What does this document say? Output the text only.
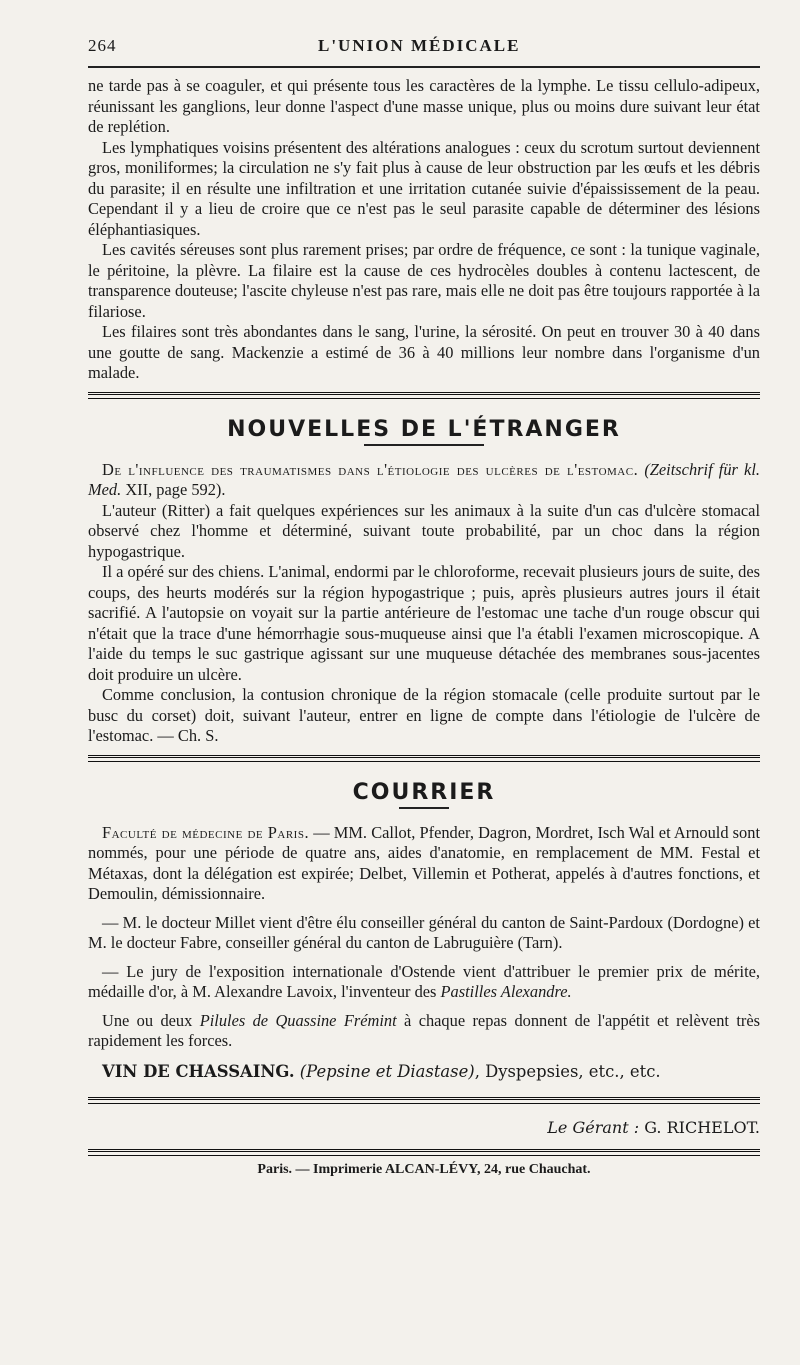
264	L'UNION MÉDICALE

ne tarde pas à se coaguler, et qui présente tous les caractères de la lymphe. Le tissu cellulo-adipeux, réunissant les ganglions, leur donne l'aspect d'une masse unique, plus ou moins dure suivant leur état de replétion.

Les lymphatiques voisins présentent des altérations analogues : ceux du scrotum surtout deviennent gros, moniliformes; la circulation ne s'y fait plus à cause de leur obstruction par les œufs et les débris du parasite; il en résulte une infiltration et une irritation cutanée suivie d'épaississement de la peau. Cependant il y a lieu de croire que ce n'est pas le seul parasite capable de déterminer des lésions éléphantiasiques.

Les cavités séreuses sont plus rarement prises; par ordre de fréquence, ce sont : la tunique vaginale, le péritoine, la plèvre. La filaire est la cause de ces hydrocèles doubles à contenu lactescent, de transparence douteuse; l'ascite chyleuse n'est pas rare, mais elle ne doit pas être toujours rapportée à la filariose.

Les filaires sont très abondantes dans le sang, l'urine, la sérosité. On peut en trouver 30 à 40 dans une goutte de sang. Mackenzie a estimé de 36 à 40 millions leur nombre dans l'organisme d'un malade.

NOUVELLES DE L'ÉTRANGER

De l'influence des traumatismes dans l'étiologie des ulcères de l'estomac. (Zeitschrif für kl. Med. XII, page 592).

L'auteur (Ritter) a fait quelques expériences sur les animaux à la suite d'un cas d'ulcère stomacal observé chez l'homme et déterminé, suivant toute probabilité, par un choc dans la région hypogastrique.

Il a opéré sur des chiens. L'animal, endormi par le chloroforme, recevait plusieurs jours de suite, des coups, des heurts modérés sur la région hypogastrique ; puis, après plusieurs autres jours il était sacrifié. A l'autopsie on voyait sur la partie antérieure de l'estomac une tache d'un rouge obscur qui n'était que la trace d'une hémorrhagie sous-muqueuse ainsi que l'a établi l'examen microscopique. A l'aide du temps le suc gastrique agissant sur une muqueuse détachée des membranes sous-jacentes doit produire un ulcère.

Comme conclusion, la contusion chronique de la région stomacale (celle produite surtout par le busc du corset) doit, suivant l'auteur, entrer en ligne de compte dans l'étiologie de l'ulcère de l'estomac. — Ch. S.

COURRIER

Faculté de médecine de Paris. — MM. Callot, Pfender, Dagron, Mordret, Isch Wal et Arnould sont nommés, pour une période de quatre ans, aides d'anatomie, en remplacement de MM. Festal et Métaxas, dont la délégation est expirée; Delbet, Villemin et Potherat, appelés à d'autres fonctions, et Demoulin, démissionnaire.

— M. le docteur Millet vient d'être élu conseiller général du canton de Saint-Pardoux (Dordogne) et M. le docteur Fabre, conseiller général du canton de Labruguière (Tarn).

— Le jury de l'exposition internationale d'Ostende vient d'attribuer le premier prix de mérite, médaille d'or, à M. Alexandre Lavoix, l'inventeur des Pastilles Alexandre.

Une ou deux Pilules de Quassine Frémint à chaque repas donnent de l'appétit et relèvent très rapidement les forces.

VIN DE CHASSAING. (Pepsine et Diastase), Dyspepsies, etc., etc.
Le Gérant : G. RICHELOT.
Paris. — Imprimerie ALCAN-LÉVY, 24, rue Chauchat.
